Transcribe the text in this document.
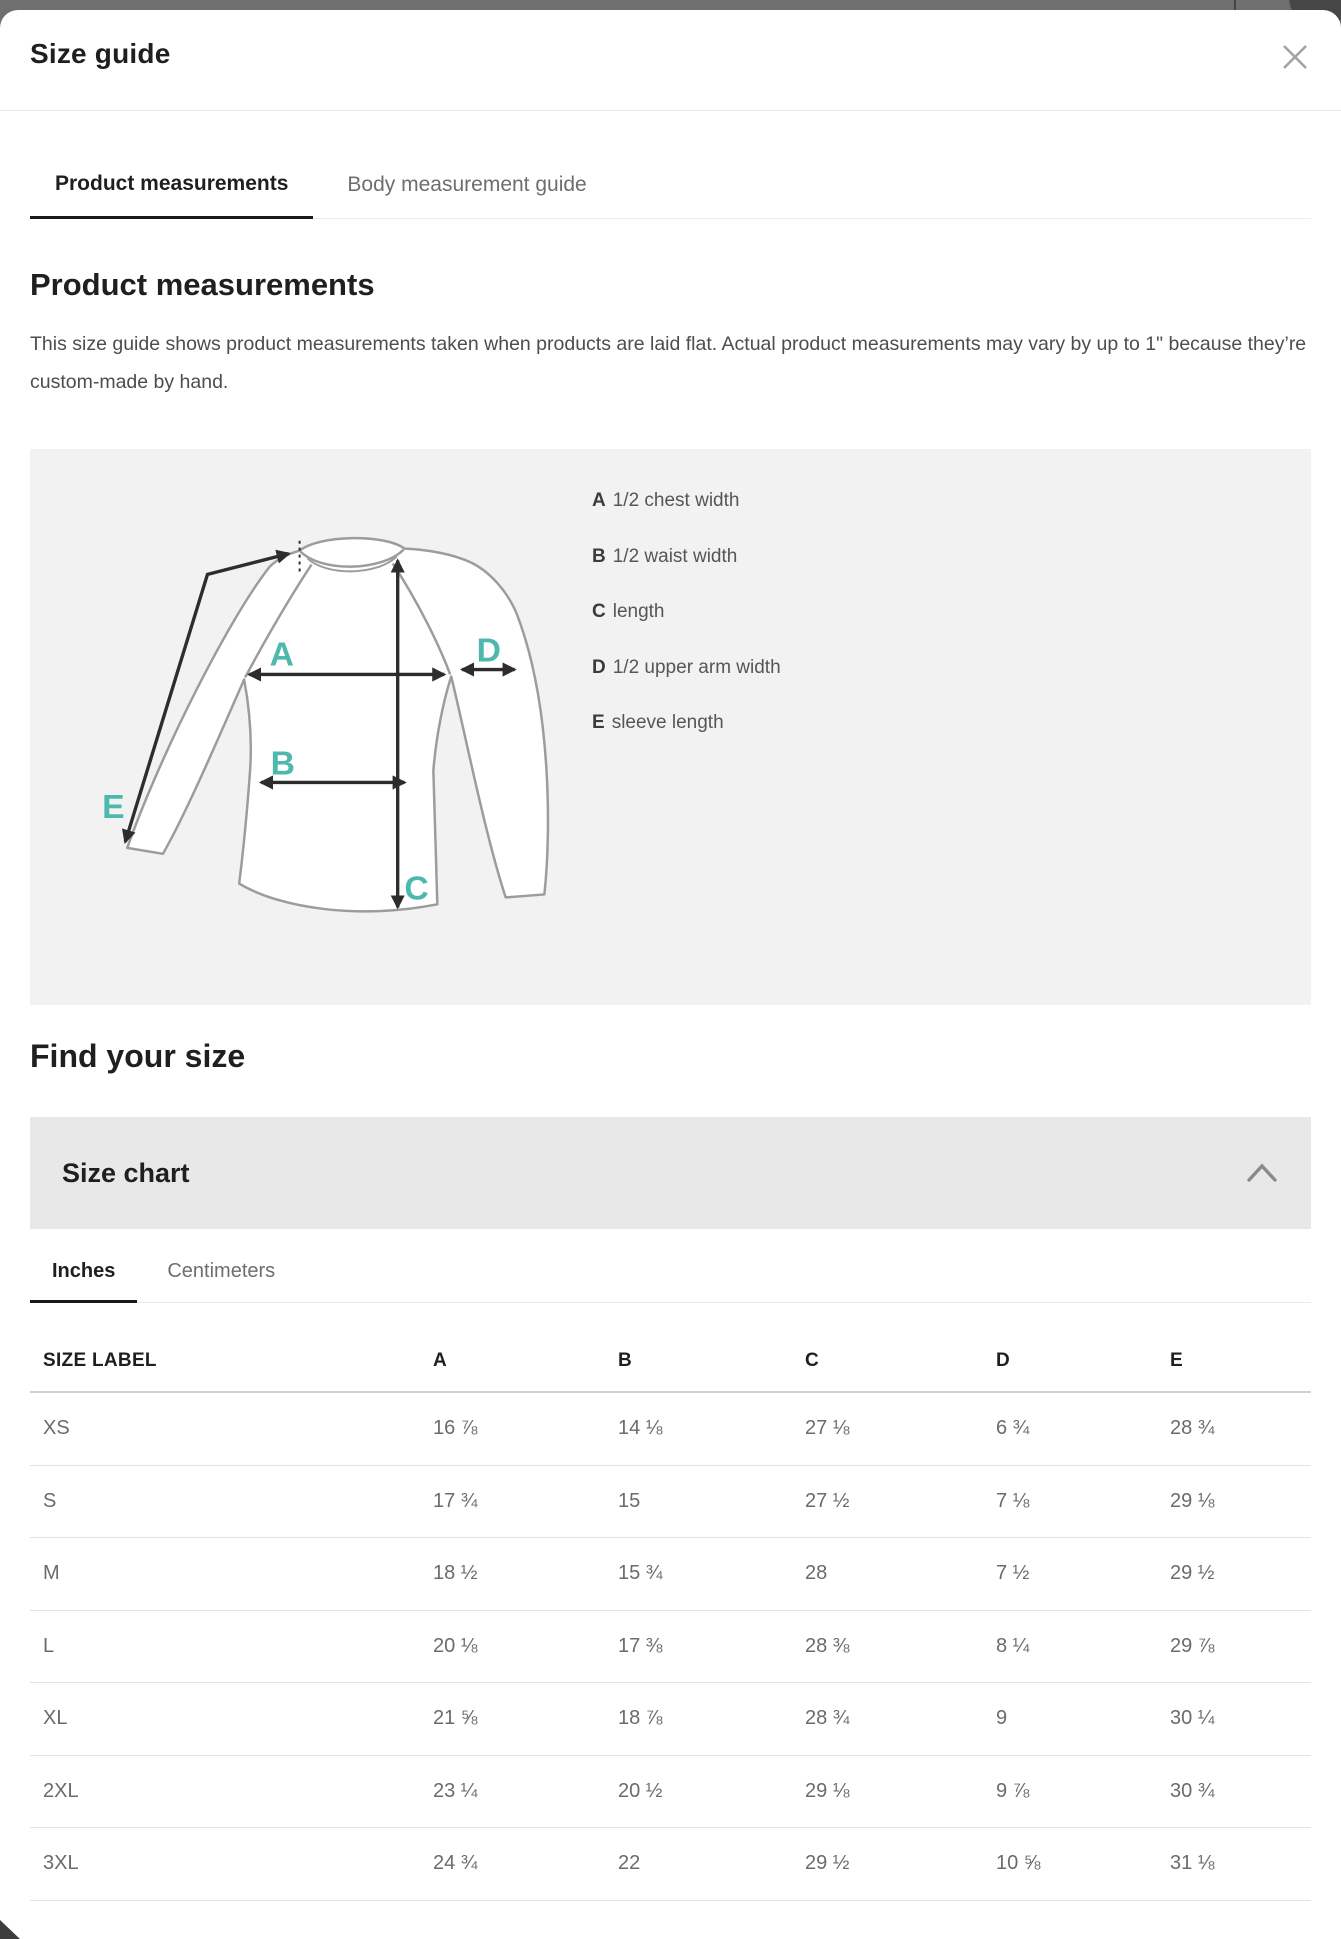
Size guide
Product measurements	Body measurement guide
Product measurements

This size guide shows product measurements taken when products are laid flat. Actual product measurements may vary by up to 1" because they’re custom-made by hand.

A
B
C
D
E
A 1/2 chest width
B 1/2 waist width
C length
D 1/2 upper arm width
E sleeve length
Find your size
Size chart
Inches	Centimeters
SIZE LABEL	A	B	C	D	E
XS	16 ⅞	14 ⅛	27 ⅛	6 ¾	28 ¾
S	17 ¾	15	27 ½	7 ⅛	29 ⅛
M	18 ½	15 ¾	28	7 ½	29 ½
L	20 ⅛	17 ⅜	28 ⅜	8 ¼	29 ⅞
XL	21 ⅝	18 ⅞	28 ¾	9	30 ¼
2XL	23 ¼	20 ½	29 ⅛	9 ⅞	30 ¾
3XL	24 ¾	22	29 ½	10 ⅝	31 ⅛
